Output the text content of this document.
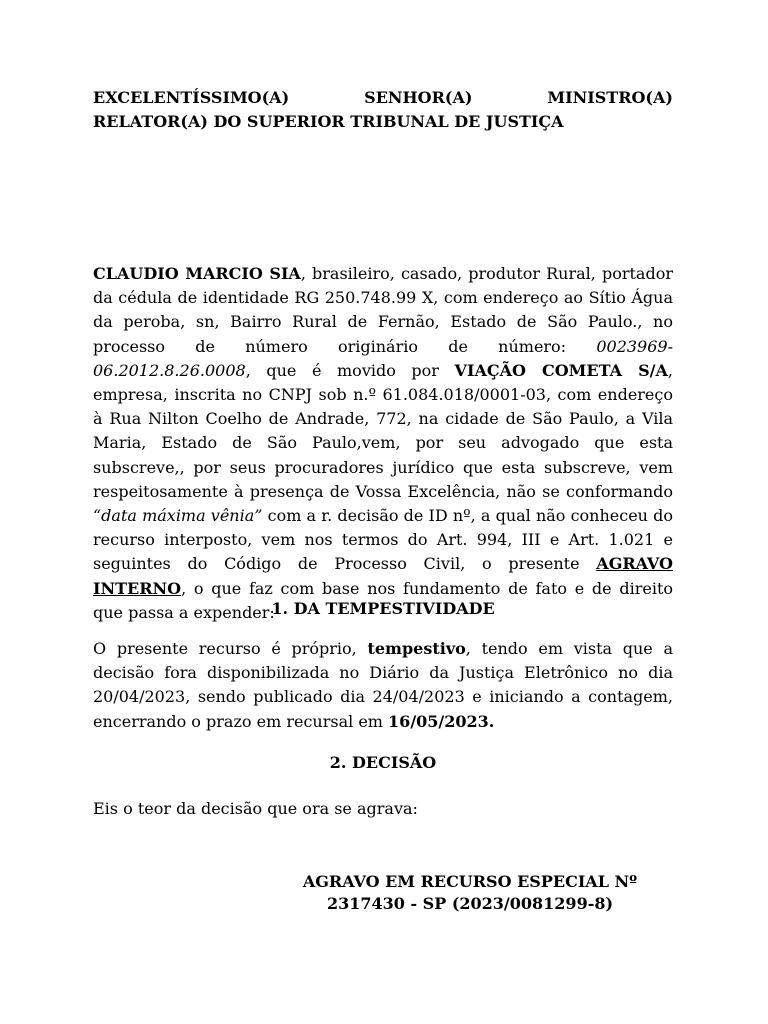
EXCELENTÍSSIMO(A)	SENHOR(A)	MINISTRO(A)
RELATOR(A) DO SUPERIOR TRIBUNAL DE JUSTIÇA
CLAUDIO MARCIO SIA, brasileiro, casado, produtor Rural, portador da cédula de identidade RG 250.748.99 X, com endereço ao Sítio Água da peroba, sn, Bairro Rural de Fernão, Estado de São Paulo., no processo de número originário de número: 0023969-06.2012.8.26.0008, que é movido por VIAÇÃO COMETA S/A, empresa, inscrita no CNPJ sob n.º 61.084.018/0001-03, com endereço à Rua Nilton Coelho de Andrade, 772, na cidade de São Paulo, a Vila Maria, Estado de São Paulo,vem, por seu advogado que esta subscreve,, por seus procuradores jurídico que esta subscreve, vem respeitosamente à presença de Vossa Excelência, não se conformando “data máxima vênia” com a r. decisão de ID nº, a qual não conheceu do recurso interposto, vem nos termos do Art. 994, III e Art. 1.021 e seguintes do Código de Processo Civil, o presente AGRAVO INTERNO, o que faz com base nos fundamento de fato e de direito que passa a expender:
1. DA TEMPESTIVIDADE
O presente recurso é próprio, tempestivo, tendo em vista que a decisão fora disponibilizada no Diário da Justiça Eletrônico no dia 20/04/2023, sendo publicado dia 24/04/2023 e iniciando a contagem, encerrando o prazo em recursal em 16/05/2023.
2. DECISÃO
Eis o teor da decisão que ora se agrava:
AGRAVO EM RECURSO ESPECIAL Nº
2317430 - SP (2023/0081299-8)
